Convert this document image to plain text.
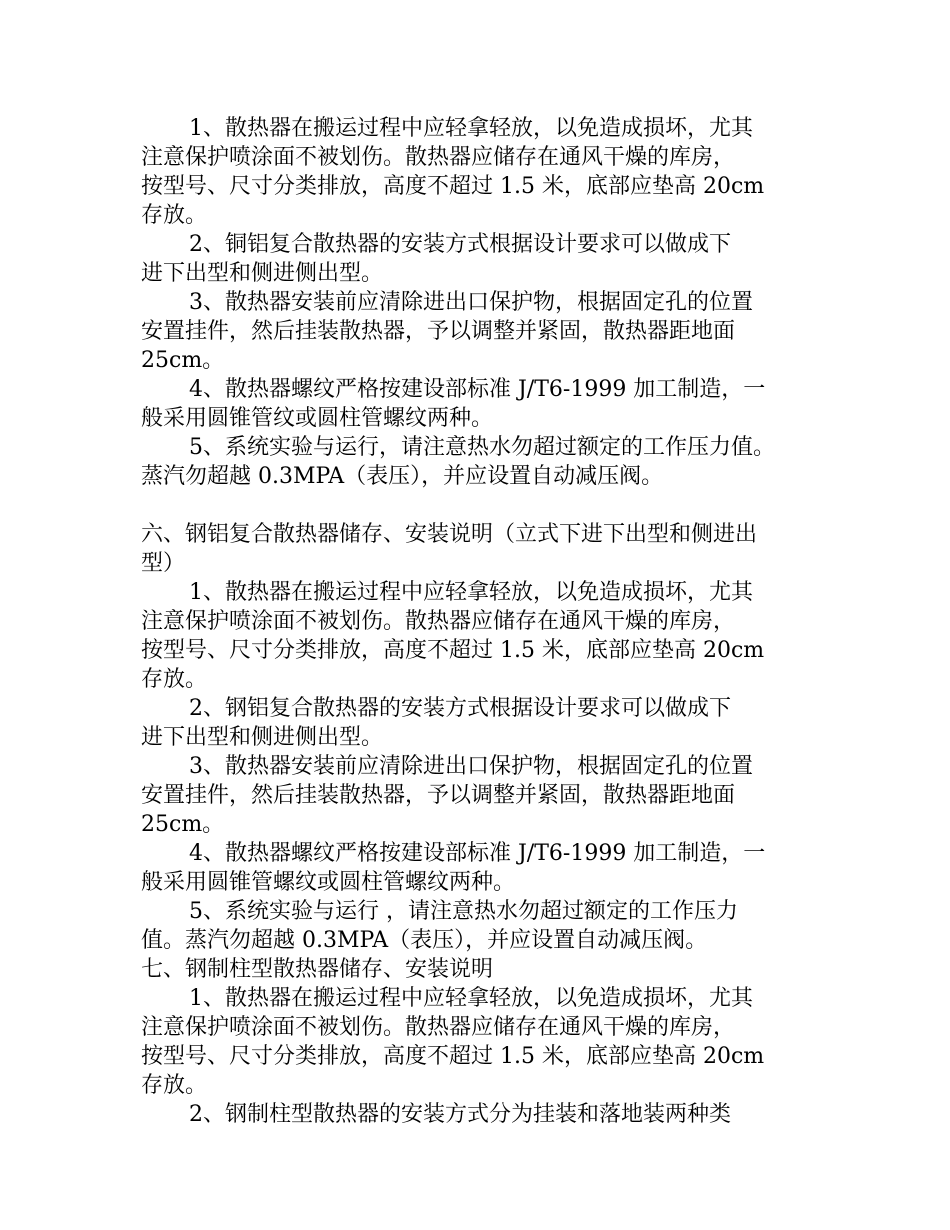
1、散热器在搬运过程中应轻拿轻放，以免造成损坏，尤其
注意保护喷涂面不被划伤。散热器应储存在通风干燥的库房，
按型号、尺寸分类排放，高度不超过 1.5 米，底部应垫高 20cm
存放。
2、铜铝复合散热器的安装方式根据设计要求可以做成下
进下出型和侧进侧出型。
3、散热器安装前应清除进出口保护物，根据固定孔的位置
安置挂件，然后挂装散热器，予以调整并紧固，散热器距地面
25cm。
4、散热器螺纹严格按建设部标准 J/T6-1999 加工制造，一
般采用圆锥管纹或圆柱管螺纹两种。
5、系统实验与运行，请注意热水勿超过额定的工作压力值。
蒸汽勿超越 0.3MPA（表压），并应设置自动减压阀。
六、钢铝复合散热器储存、安装说明（立式下进下出型和侧进出
型）
1、散热器在搬运过程中应轻拿轻放，以免造成损坏，尤其
注意保护喷涂面不被划伤。散热器应储存在通风干燥的库房，
按型号、尺寸分类排放，高度不超过 1.5 米，底部应垫高 20cm
存放。
2、钢铝复合散热器的安装方式根据设计要求可以做成下
进下出型和侧进侧出型。
3、散热器安装前应清除进出口保护物，根据固定孔的位置
安置挂件，然后挂装散热器，予以调整并紧固，散热器距地面
25cm。
4、散热器螺纹严格按建设部标准 J/T6-1999 加工制造，一
般采用圆锥管螺纹或圆柱管螺纹两种。
5、系统实验与运行 ，请注意热水勿超过额定的工作压力
值。蒸汽勿超越 0.3MPA（表压），并应设置自动减压阀。
七、钢制柱型散热器储存、安装说明
1、散热器在搬运过程中应轻拿轻放，以免造成损坏，尤其
注意保护喷涂面不被划伤。散热器应储存在通风干燥的库房，
按型号、尺寸分类排放，高度不超过 1.5 米，底部应垫高 20cm
存放。
2、钢制柱型散热器的安装方式分为挂装和落地装两种类
